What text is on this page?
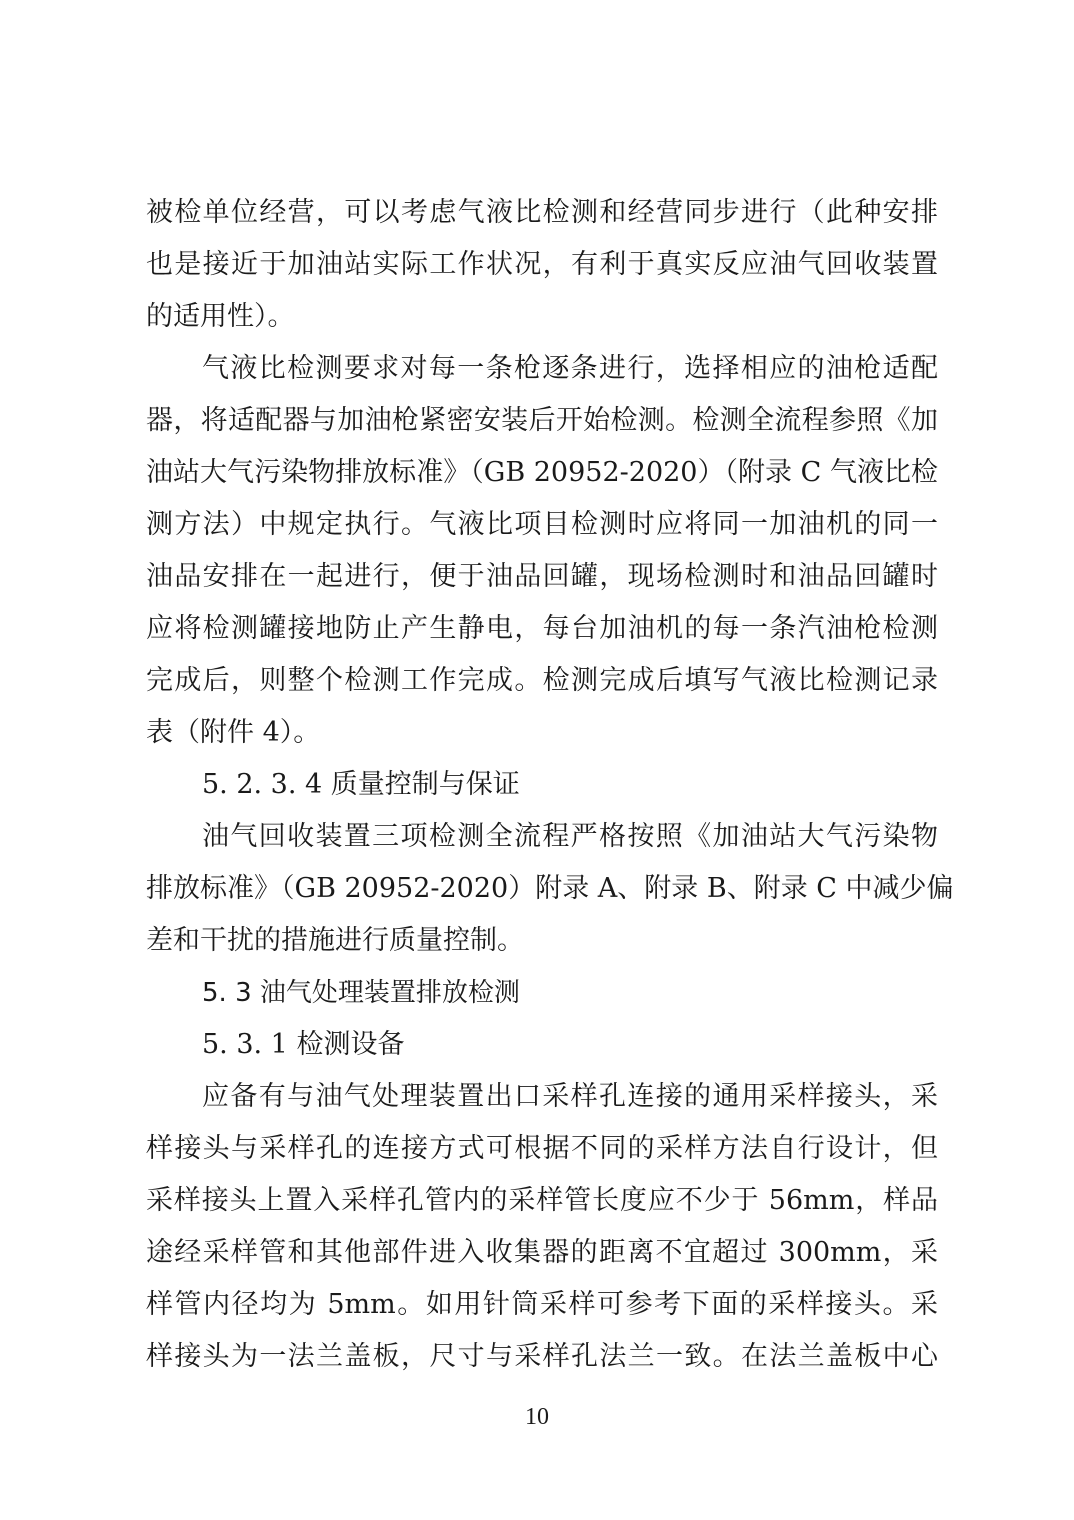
被检单位经营，可以考虑气液比检测和经营同步进行（此种安排
也是接近于加油站实际工作状况，有利于真实反应油气回收装置
的适用性）。
气液比检测要求对每一条枪逐条进行，选择相应的油枪适配
器，将适配器与加油枪紧密安装后开始检测。检测全流程参照《加
油站大气污染物排放标准》（GB 20952-2020）（附录 C 气液比检
测方法）中规定执行。气液比项目检测时应将同一加油机的同一
油品安排在一起进行，便于油品回罐，现场检测时和油品回罐时
应将检测罐接地防止产生静电，每台加油机的每一条汽油枪检测
完成后，则整个检测工作完成。检测完成后填写气液比检测记录
表（附件 4）。
5. 2. 3. 4 质量控制与保证
油气回收装置三项检测全流程严格按照《加油站大气污染物
排放标准》（GB 20952-2020）附录 A、附录 B、附录 C 中减少偏
差和干扰的措施进行质量控制。
5. 3 油气处理装置排放检测
5. 3. 1 检测设备
应备有与油气处理装置出口采样孔连接的通用采样接头，采
样接头与采样孔的连接方式可根据不同的采样方法自行设计，但
采样接头上置入采样孔管内的采样管长度应不少于 56mm，样品
途经采样管和其他部件进入收集器的距离不宜超过 300mm，采
样管内径均为 5mm。如用针筒采样可参考下面的采样接头。采
样接头为一法兰盖板，尺寸与采样孔法兰一致。在法兰盖板中心
10
